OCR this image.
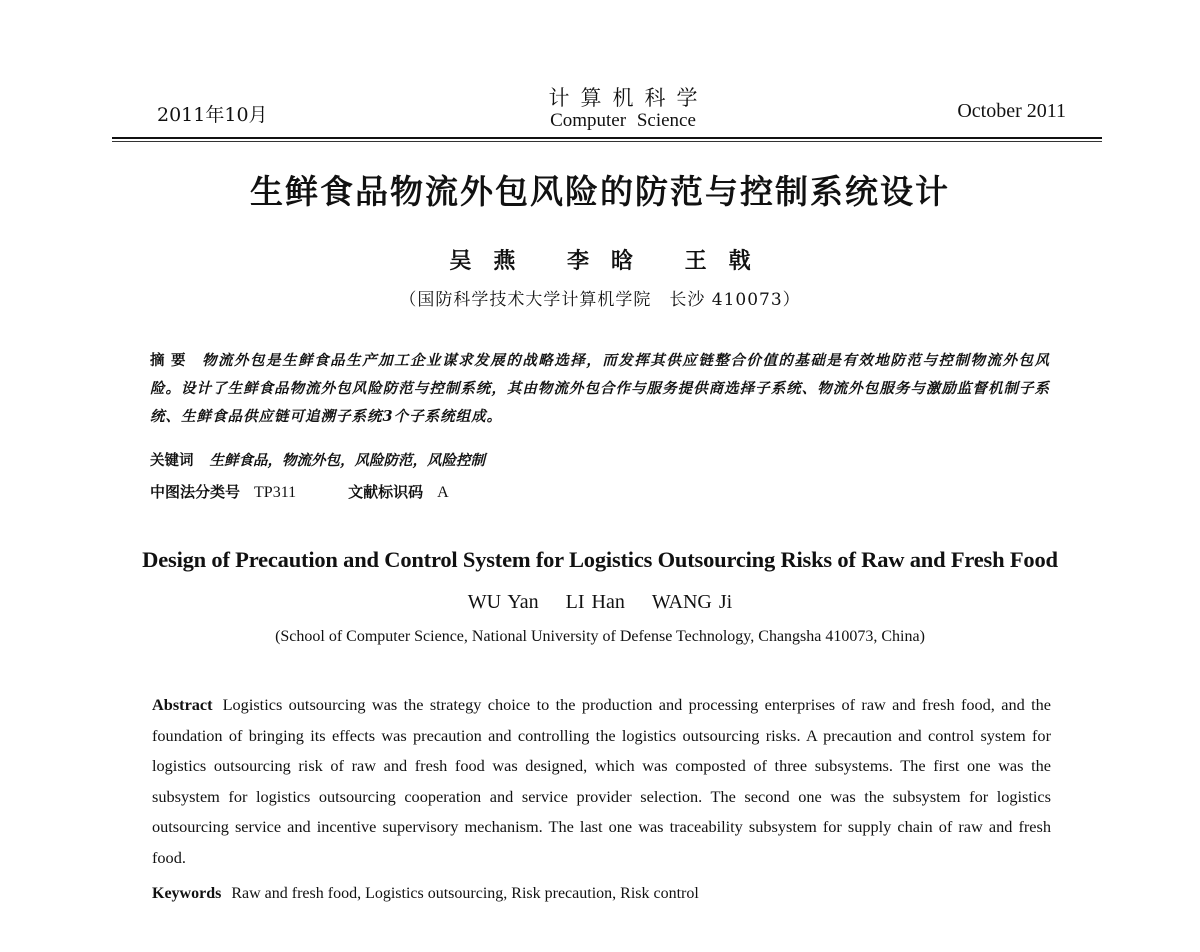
2011年10月
计算机科学
Computer Science	October 2011
生鲜食品物流外包风险的防范与控制系统设计
吴燕 李晗 王戟
（国防科学技术大学计算机学院　长沙 410073）
摘要 物流外包是生鲜食品生产加工企业谋求发展的战略选择，而发挥其供应链整合价值的基础是有效地防范与控制物流外包风险。设计了生鲜食品物流外包风险防范与控制系统，其由物流外包合作与服务提供商选择子系统、物流外包服务与激励监督机制子系统、生鲜食品供应链可追溯子系统3个子系统组成。
关键词 生鲜食品，物流外包，风险防范，风险控制
中图法分类号 TP311	文献标识码 A
Design of Precaution and Control System for Logistics Outsourcing Risks of Raw and Fresh Food
WU Yan LI Han WANG Ji
(School of Computer Science, National University of Defense Technology, Changsha 410073, China)
Abstract Logistics outsourcing was the strategy choice to the production and processing enterprises of raw and fresh food, and the foundation of bringing its effects was precaution and controlling the logistics outsourcing risks. A precaution and control system for logistics outsourcing risk of raw and fresh food was designed, which was composted of three subsystems. The first one was the subsystem for logistics outsourcing cooperation and service provider selection. The second one was the subsystem for logistics outsourcing service and incentive supervisory mechanism. The last one was traceability subsystem for supply chain of raw and fresh food.
Keywords Raw and fresh food, Logistics outsourcing, Risk precaution, Risk control
